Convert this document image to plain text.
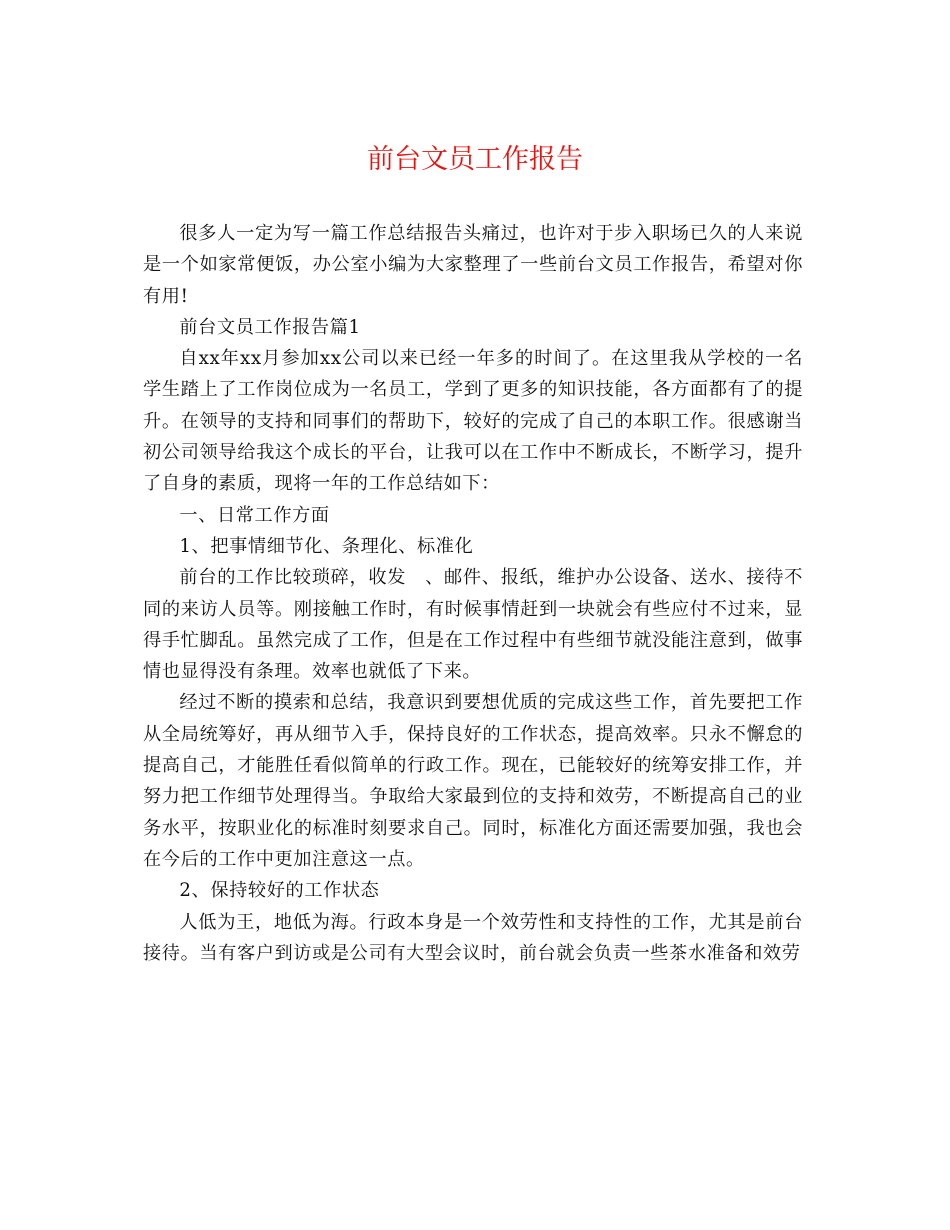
前台文员工作报告

很多人一定为写一篇工作总结报告头痛过，也许对于步入职场已久的人来说是一个如家常便饭，办公室小编为大家整理了一些前台文员工作报告，希望对你有用!

前台文员工作报告篇1

自xx年xx月参加xx公司以来已经一年多的时间了。在这里我从学校的一名学生踏上了工作岗位成为一名员工，学到了更多的知识技能，各方面都有了的提升。在领导的支持和同事们的帮助下，较好的完成了自己的本职工作。很感谢当初公司领导给我这个成长的平台，让我可以在工作中不断成长，不断学习，提升了自身的素质，现将一年的工作总结如下：

一、日常工作方面

1、把事情细节化、条理化、标准化

前台的工作比较琐碎，收发　、邮件、报纸，维护办公设备、送水、接待不同的来访人员等。刚接触工作时，有时候事情赶到一块就会有些应付不过来，显得手忙脚乱。虽然完成了工作，但是在工作过程中有些细节就没能注意到，做事情也显得没有条理。效率也就低了下来。

经过不断的摸索和总结，我意识到要想优质的完成这些工作，首先要把工作从全局统筹好，再从细节入手，保持良好的工作状态，提高效率。只永不懈怠的提高自己，才能胜任看似简单的行政工作。现在，已能较好的统筹安排工作，并努力把工作细节处理得当。争取给大家最到位的支持和效劳，不断提高自己的业务水平，按职业化的标准时刻要求自己。同时，标准化方面还需要加强，我也会在今后的工作中更加注意这一点。

2、保持较好的工作状态

人低为王，地低为海。行政本身是一个效劳性和支持性的工作，尤其是前台接待。当有客户到访或是公司有大型会议时，前台就会负责一些茶水准备和效劳
